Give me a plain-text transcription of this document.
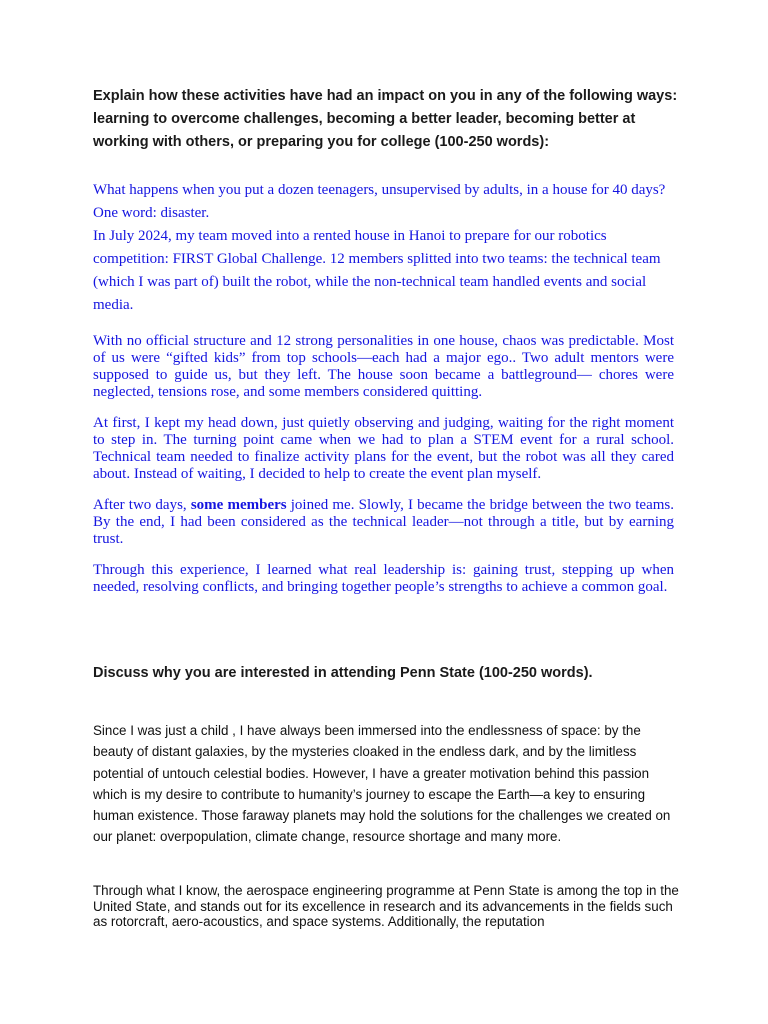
Explain how these activities have had an impact on you in any of the following ways: learning to overcome challenges, becoming a better leader, becoming better at working with others, or preparing you for college (100-250 words):

What happens when you put a dozen teenagers, unsupervised by adults, in a house for 40 days? One word: disaster.

In July 2024, my team moved into a rented house in Hanoi to prepare for our robotics competition: FIRST Global Challenge. 12 members splitted into two teams: the technical team (which I was part of) built the robot, while the non-technical team handled events and social media.

With no official structure and 12 strong personalities in one house, chaos was predictable. Most of us were “gifted kids” from top schools—each had a major ego.. Two adult mentors were supposed to guide us, but they left. The house soon became a battleground— chores were neglected, tensions rose, and some members considered quitting.

At first, I kept my head down, just quietly observing and judging, waiting for the right moment to step in. The turning point came when we had to plan a STEM event for a rural school. Technical team needed to finalize activity plans for the event, but the robot was all they cared about. Instead of waiting, I decided to help to create the event plan myself.

After two days, some members joined me. Slowly, I became the bridge between the two teams. By the end, I had been considered as the technical leader—not through a title, but by earning trust.

Through this experience, I learned what real leadership is: gaining trust, stepping up when needed, resolving conflicts, and bringing together people’s strengths to achieve a common goal.

Discuss why you are interested in attending Penn State (100-250 words).

Since I was just a child , I have always been immersed into the endlessness of space: by the beauty of distant galaxies, by the mysteries cloaked in the endless dark, and by the limitless potential of untouch celestial bodies. However, I have a greater motivation behind this passion which is my desire to contribute to humanity’s journey to escape the Earth—a key to ensuring human existence. Those faraway planets may hold the solutions for the challenges we created on our planet: overpopulation, climate change, resource shortage and many more.

Through what I know, the aerospace engineering programme at Penn State is among the top in the United State, and stands out for its excellence in research and its advancements in the fields such as rotorcraft, aero-acoustics, and space systems. Additionally, the reputation
